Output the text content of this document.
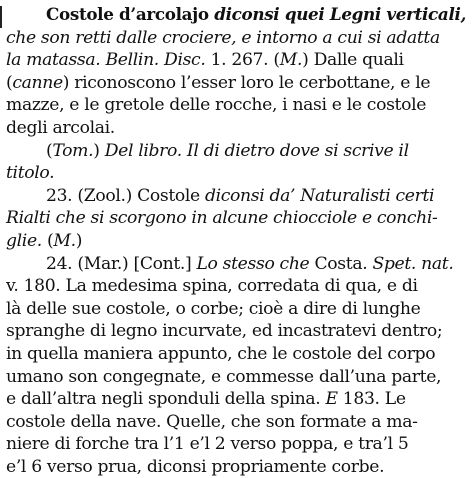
Costole d’arcolajo diconsi quei Legni verticali,
che son retti dalle crociere, e intorno a cui si adatta
la matassa. Bellin. Disc. 1. 267. (M.) Dalle quali
(canne) riconoscono l’esser loro le cerbottane, e le
mazze, e le gretole delle rocche, i nasi e le costole
degli arcolai.
(Tom.) Del libro. Il di dietro dove si scrive il
titolo.
23. (Zool.) Costole diconsi da’ Naturalisti certi
Rialti che si scorgono in alcune chiocciole e conchi-
glie. (M.)
24. (Mar.) [Cont.] Lo stesso che Costa. Spet. nat.
v. 180. La medesima spina, corredata di qua, e di
là delle sue costole, o corbe; cioè a dire di lunghe
spranghe di legno incurvate, ed incastratevi dentro;
in quella maniera appunto, che le costole del corpo
umano son congegnate, e commesse dall’una parte,
e dall’altra negli sponduli della spina. E 183. Le
costole della nave. Quelle, che son formate a ma-
niere di forche tra l’1 e’l 2 verso poppa, e tra’l 5
e’l 6 verso prua, diconsi propriamente corbe.
